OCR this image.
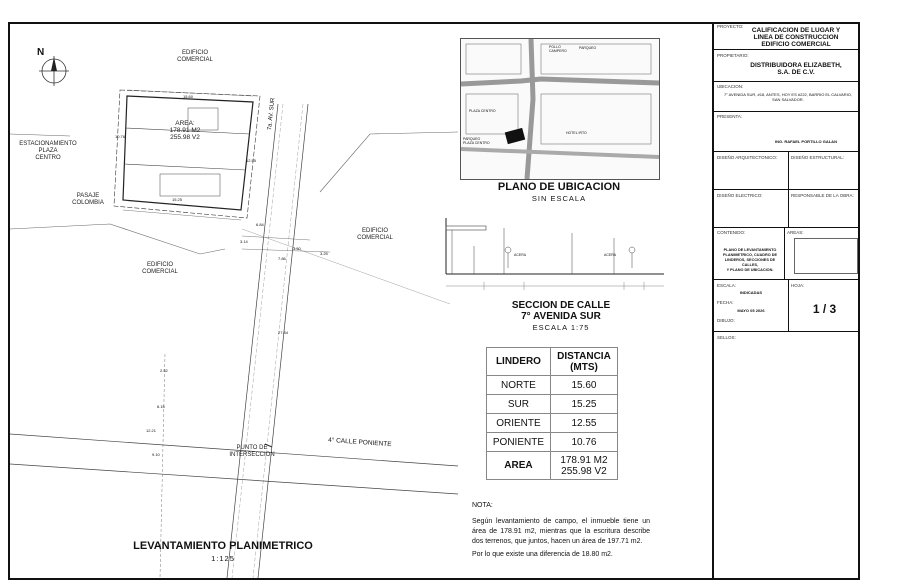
N	EDIFICIO
COMERCIAL
ESTACIONAMIENTO
PLAZA
CENTRO
PASAJE
COLOMBIA
EDIFICIO
COMERCIAL
EDIFICIO
COMERCIAL
7a. AV. SUR
4° CALLE PONIENTE
PUNTO DE
INTERSECCION
AREA:
178.91 M2
255.98 V2
15.60
15.25
12.55
10.76
3.14
7.86
3.50
3.25
6.84
2.52
8.15
12.21
9.10
27.84
LEVANTAMIENTO PLANIMETRICO
1:125
PARQUEO
PLAZA CENTRO
HOTEL IRTO
PLAZA CENTRO
POLLO
CAMPERO
PARQUEO
PLANO DE UBICACION
SIN ESCALA
ACERA	ACERA
SECCION DE CALLE
7° AVENIDA SUR
ESCALA 1:75
LINDERO	DISTANCIA
(MTS)
NORTE	15.60
SUR	15.25
ORIENTE	12.55
PONIENTE	10.76
AREA	178.91 M2
255.98 V2
NOTA:
Según levantamiento de campo, el inmueble tiene un área de 178.91 m2, mientras que la escritura describe dos terrenos, que juntos, hacen un área de 197.71 m2.
Por lo que existe una diferencia de 18.80 m2.
PROYECTO:
CALIFICACION DE LUGAR Y
LINEA DE CONSTRUCCION
EDIFICIO COMERCIAL
PROPIETARIO:
DISTRIBUIDORA ELIZABETH,
S.A. DE C.V.
UBICACION:
7° AVENIDA SUR, #18, ANTES, HOY ES #222, BARRIO EL CALVARIO,
SAN SALVADOR.
PRESENTA:
ING. RAFAEL PORTILLO GALAN
DISEÑO ARQUITECTONICO:	DISEÑO ESTRUCTURAL:
DISEÑO ELECTRICO:	RESPONSABLE DE LA OBRA:
CONTENIDO:
PLANO DE LEVANTAMIENTO
PLANIMETRICO, CUADRO DE
LINDEROS, SECCIONES DE CALLES,
Y PLANO DE UBICACION.
AREAS:
ESCALA:
INDICADAS
FECHA:
MAYO 05 2026
DIBUJO:
HOJA:
1 / 3
SELLOS:
